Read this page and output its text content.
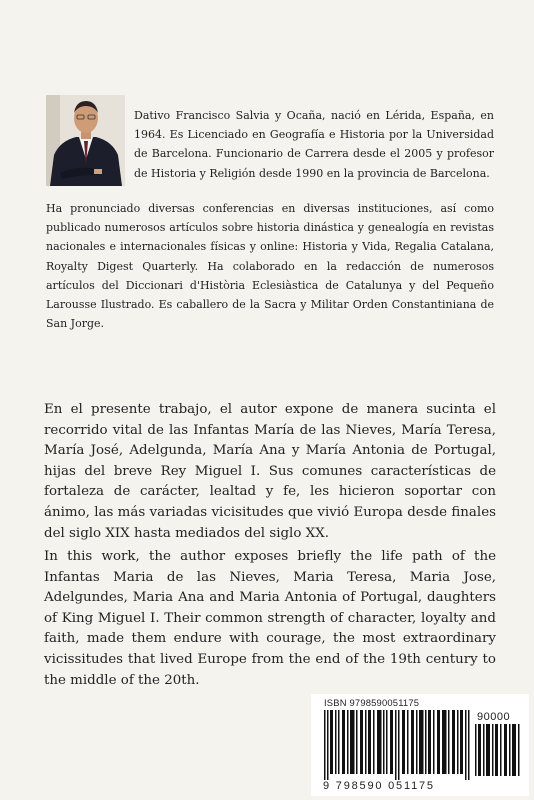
Dativo Francisco Salvia y Ocaña, nació en Lérida, España, en 1964. Es Licenciado en Geografía e Historia por la Universidad de Barcelona. Funcionario de Carrera desde el 2005 y profesor de Historia y Religión desde 1990 en la provincia de Barcelona.
Ha pronunciado diversas conferencias en diversas instituciones, así como publicado numerosos artículos sobre historia dinástica y genealogía en revistas nacionales e internacionales físicas y online: Historia y Vida, Regalia Catalana, Royalty Digest Quarterly. Ha colaborado en la redacción de numerosos artículos del Diccionari d'Història Eclesiàstica de Catalunya y del Pequeño Larousse Ilustrado. Es caballero de la Sacra y Militar Orden Constantiniana de San Jorge.
En el presente trabajo, el autor expone de manera sucinta el recorrido vital de las Infantas María de las Nieves, María Teresa, María José, Adelgunda, María Ana y María Antonia de Portugal, hijas del breve Rey Miguel I. Sus comunes características de fortaleza de carácter, lealtad y fe, les hicieron soportar con ánimo, las más variadas vicisitudes que vivió Europa desde finales del siglo XIX hasta mediados del siglo XX.
In this work, the author exposes briefly the life path of the Infantas Maria de las Nieves, Maria Teresa, Maria Jose, Adelgundes, Maria Ana and Maria Antonia of Portugal, daughters of King Miguel I. Their common strength of character, loyalty and faith, made them endure with courage, the most extraordinary vicissitudes that lived Europe from the end of the 19th century to the middle of the 20th.
ISBN 9798590051175
90000
9 798590 051175
